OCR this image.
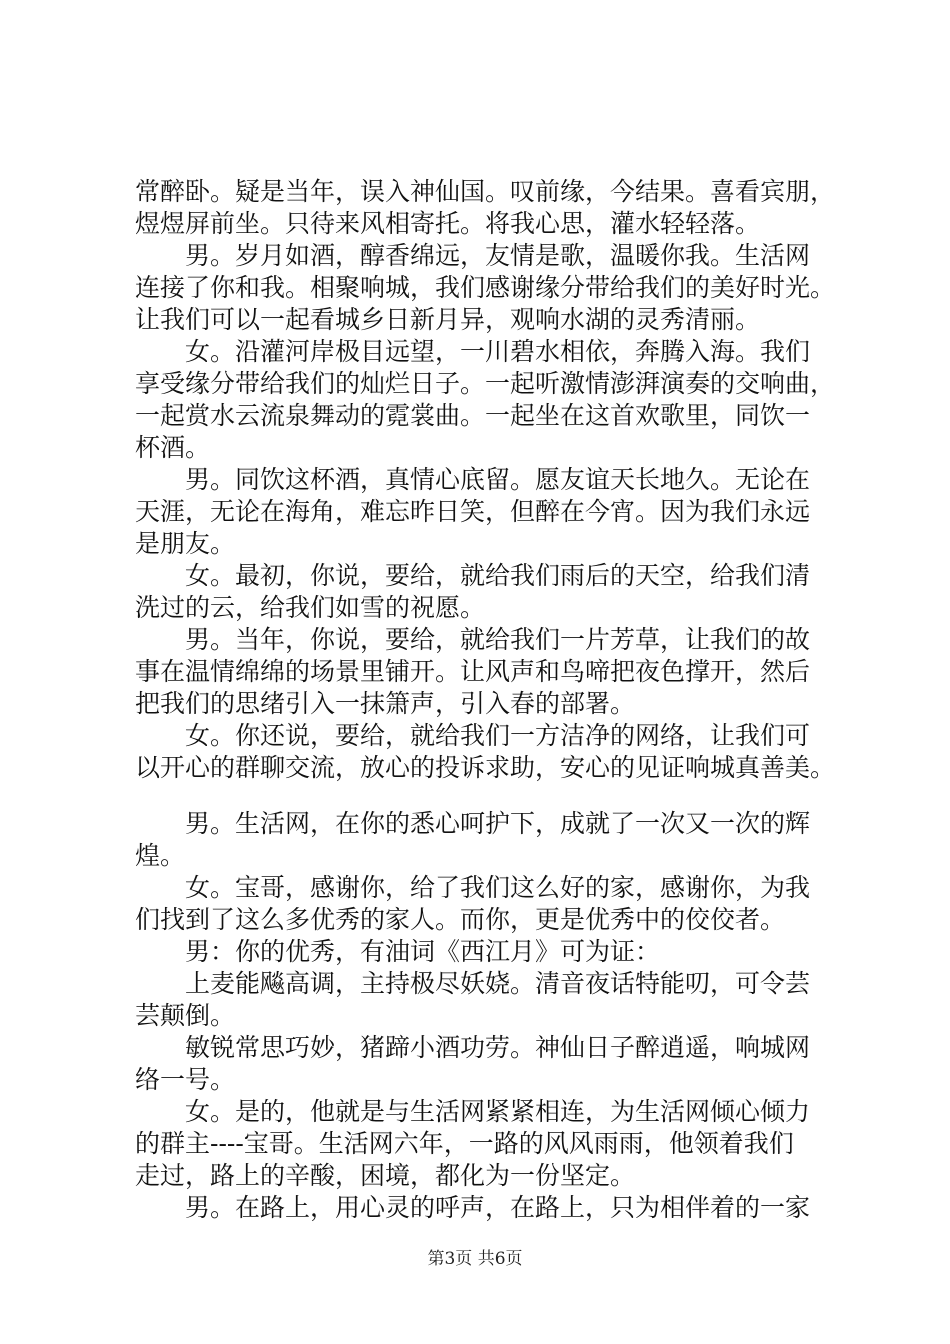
常醉卧。疑是当年，误入神仙国。叹前缘，今结果。喜看宾朋，
煜煜屏前坐。只待来风相寄托。将我心思，灌水轻轻落。
男。岁月如酒，醇香绵远，友情是歌，温暖你我。生活网
连接了你和我。相聚响城，我们感谢缘分带给我们的美好时光。
让我们可以一起看城乡日新月异，观响水湖的灵秀清丽。
女。沿灌河岸极目远望，一川碧水相依，奔腾入海。我们
享受缘分带给我们的灿烂日子。一起听激情澎湃演奏的交响曲，
一起赏水云流泉舞动的霓裳曲。一起坐在这首欢歌里，同饮一
杯酒。
男。同饮这杯酒，真情心底留。愿友谊天长地久。无论在
天涯，无论在海角，难忘昨日笑，但醉在今宵。因为我们永远
是朋友。
女。最初，你说，要给，就给我们雨后的天空，给我们清
洗过的云，给我们如雪的祝愿。
男。当年，你说，要给，就给我们一片芳草，让我们的故
事在温情绵绵的场景里铺开。让风声和鸟啼把夜色撑开，然后
把我们的思绪引入一抹箫声，引入春的部署。
女。你还说，要给，就给我们一方洁净的网络，让我们可
以开心的群聊交流，放心的投诉求助，安心的见证响城真善美。
男。生活网，在你的悉心呵护下，成就了一次又一次的辉
煌。
女。宝哥，感谢你，给了我们这么好的家，感谢你，为我
们找到了这么多优秀的家人。而你，更是优秀中的佼佼者。
男：你的优秀，有油词《西江月》可为证：
上麦能飚高调，主持极尽妖娆。清音夜话特能叨，可令芸
芸颠倒。
敏锐常思巧妙，猪蹄小酒功劳。神仙日子醉逍遥，响城网
络一号。
女。是的，他就是与生活网紧紧相连，为生活网倾心倾力
的群主----宝哥。生活网六年，一路的风风雨雨，他领着我们
走过，路上的辛酸，困境，都化为一份坚定。
男。在路上，用心灵的呼声，在路上，只为相伴着的一家
第3页 共6页
